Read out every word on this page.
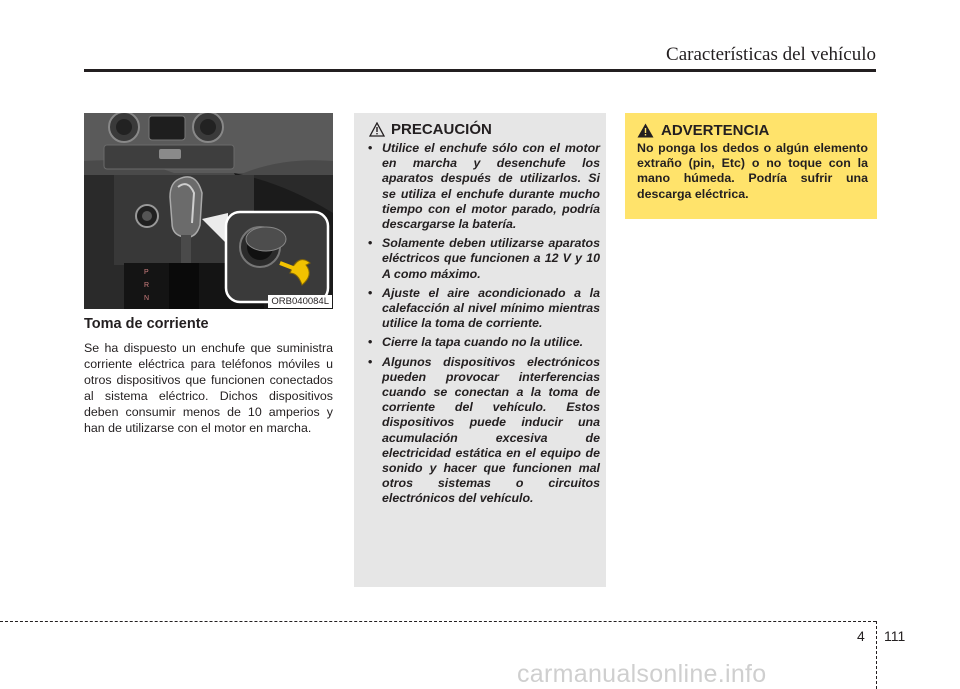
Características del vehículo
P
R
N	ORB040084L
Toma de corriente

Se ha dispuesto un enchufe que suministra corriente eléctrica para teléfonos móviles u otros dispositivos que funcionen conectados al sistema eléctrico. Dichos dispositivos deben consumir menos de 10 amperios y han de utilizarse con el motor en marcha.

PRECAUCIÓN
• Utilice el enchufe sólo con el motor en marcha y desenchufe los aparatos después de utilizarlos. Si se utiliza el enchufe durante mucho tiempo con el motor parado, podría descargarse la batería.
• Solamente deben utilizarse aparatos eléctricos que funcionen a 12 V y 10 A como máximo.
• Ajuste el aire acondicionado a la calefacción al nivel mínimo mientras utilice la toma de corriente.
• Cierre la tapa cuando no la utilice.
• Algunos dispositivos electrónicos pueden provocar interferencias cuando se conectan a la toma de corriente del vehículo. Estos dispositivos puede inducir una acumulación excesiva de electricidad estática en el equipo de sonido y hacer que funcionen mal otros sistemas o circuitos electrónicos del vehículo.
ADVERTENCIA

No ponga los dedos o algún elemento extraño (pin, Etc) o no toque con la mano húmeda. Podría sufrir una descarga eléctrica.

4 111
carmanualsonline.info
